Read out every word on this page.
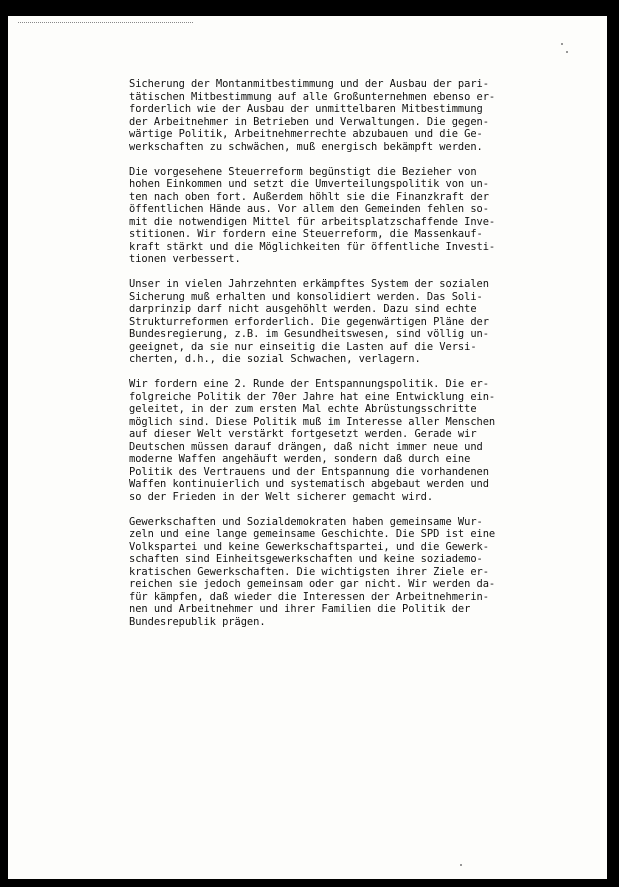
Sicherung der Montanmitbestimmung und der Ausbau der pari-
tätischen Mitbestimmung auf alle Großunternehmen ebenso er-
forderlich wie der Ausbau der unmittelbaren Mitbestimmung
der Arbeitnehmer in Betrieben und Verwaltungen. Die gegen-
wärtige Politik, Arbeitnehmerrechte abzubauen und die Ge-
werkschaften zu schwächen, muß energisch bekämpft werden.
Die vorgesehene Steuerreform begünstigt die Bezieher von
hohen Einkommen und setzt die Umverteilungspolitik von un-
ten nach oben fort. Außerdem höhlt sie die Finanzkraft der
öffentlichen Hände aus. Vor allem den Gemeinden fehlen so-
mit die notwendigen Mittel für arbeitsplatzschaffende Inve-
stitionen. Wir fordern eine Steuerreform, die Massenkauf-
kraft stärkt und die Möglichkeiten für öffentliche Investi-
tionen verbessert.
Unser in vielen Jahrzehnten erkämpftes System der sozialen
Sicherung muß erhalten und konsolidiert werden. Das Soli-
darprinzip darf nicht ausgehöhlt werden. Dazu sind echte
Strukturreformen erforderlich. Die gegenwärtigen Pläne der
Bundesregierung, z.B. im Gesundheitswesen, sind völlig un-
geeignet, da sie nur einseitig die Lasten auf die Versi-
cherten, d.h., die sozial Schwachen, verlagern.
Wir fordern eine 2. Runde der Entspannungspolitik. Die er-
folgreiche Politik der 70er Jahre hat eine Entwicklung ein-
geleitet, in der zum ersten Mal echte Abrüstungsschritte
möglich sind. Diese Politik muß im Interesse aller Menschen
auf dieser Welt verstärkt fortgesetzt werden. Gerade wir
Deutschen müssen darauf drängen, daß nicht immer neue und
moderne Waffen angehäuft werden, sondern daß durch eine
Politik des Vertrauens und der Entspannung die vorhandenen
Waffen kontinuierlich und systematisch abgebaut werden und
so der Frieden in der Welt sicherer gemacht wird.
Gewerkschaften und Sozialdemokraten haben gemeinsame Wur-
zeln und eine lange gemeinsame Geschichte. Die SPD ist eine
Volkspartei und keine Gewerkschaftspartei, und die Gewerk-
schaften sind Einheitsgewerkschaften und keine soziademo-
kratischen Gewerkschaften. Die wichtigsten ihrer Ziele er-
reichen sie jedoch gemeinsam oder gar nicht. Wir werden da-
für kämpfen, daß wieder die Interessen der Arbeitnehmerin-
nen und Arbeitnehmer und ihrer Familien die Politik der
Bundesrepublik prägen.
